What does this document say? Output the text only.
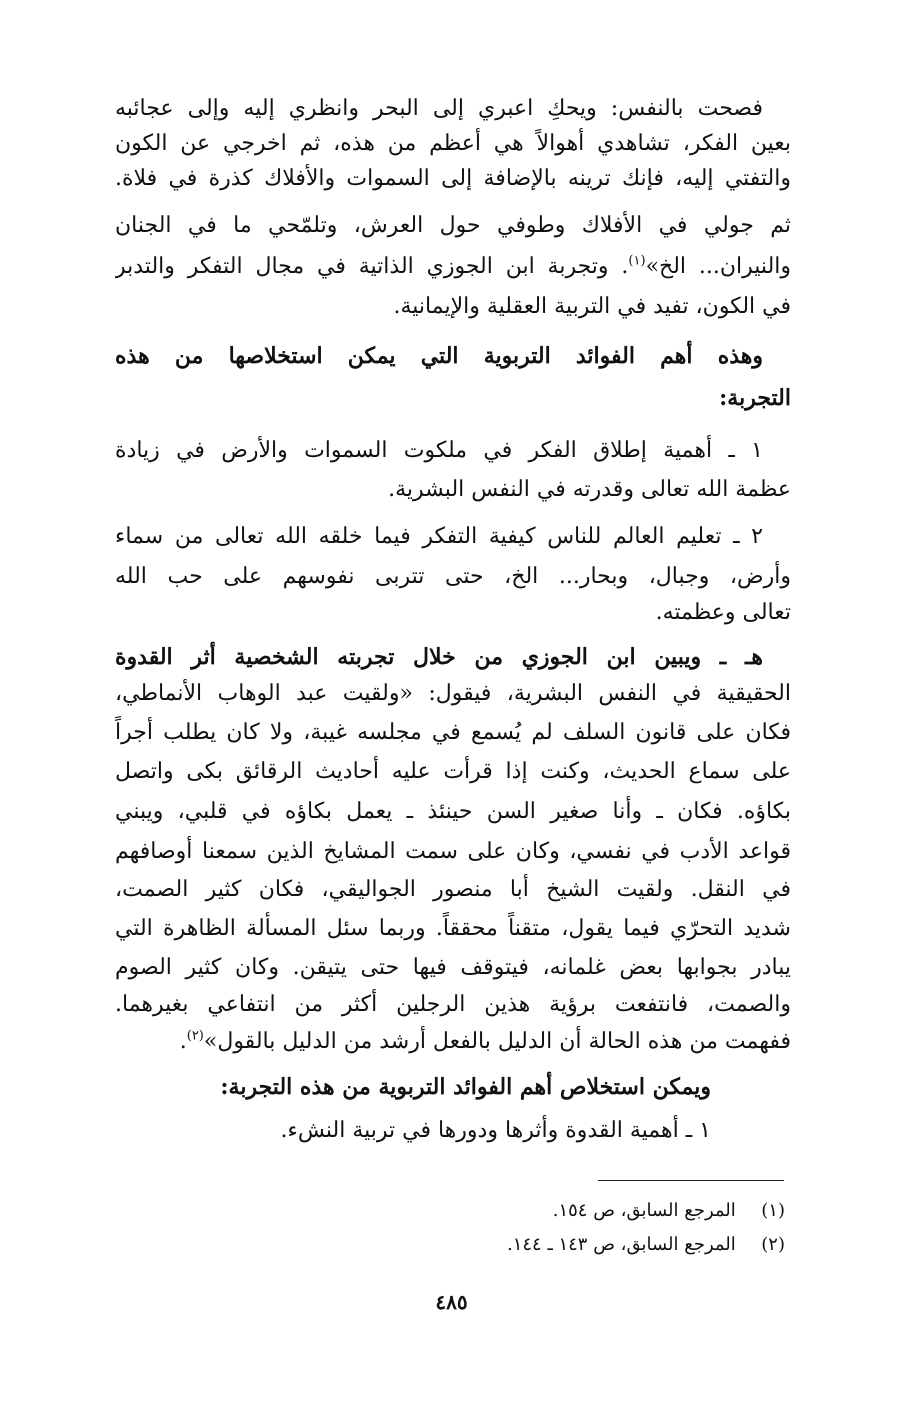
فصحت بالنفس: ويحكِ اعبري إلى البحر وانظري إليه وإلى عجائبه
بعين الفكر، تشاهدي أهوالاً هي أعظم من هذه، ثم اخرجي عن الكون
والتفتي إليه، فإنك ترينه بالإضافة إلى السموات والأفلاك كذرة في فلاة.
ثم جولي في الأفلاك وطوفي حول العرش، وتلمّحي ما في الجنان
والنيران... الخ»$^{(١)}$. وتجربة ابن الجوزي الذاتية في مجال التفكر والتدبر
في الكون، تفيد في التربية العقلية والإيمانية.
وهذه أهم الفوائد التربوية التي يمكن استخلاصها من هذه
التجربة:
١ ـ أهمية إطلاق الفكر في ملكوت السموات والأرض في زيادة
عظمة الله تعالى وقدرته في النفس البشرية.
٢ ـ تعليم العالم للناس كيفية التفكر فيما خلقه الله تعالى من سماء
وأرض، وجبال، وبحار... الخ، حتى تتربى نفوسهم على حب الله
تعالى وعظمته.
هـ ـ ويبين ابن الجوزي من خلال تجربته الشخصية أثر القدوة
الحقيقية في النفس البشرية، فيقول: «ولقيت عبد الوهاب الأنماطي،
فكان على قانون السلف لم يُسمع في مجلسه غيبة، ولا كان يطلب أجراً
على سماع الحديث، وكنت إذا قرأت عليه أحاديث الرقائق بكى واتصل
بكاؤه. فكان ـ وأنا صغير السن حينئذ ـ يعمل بكاؤه في قلبي، ويبني
قواعد الأدب في نفسي، وكان على سمت المشايخ الذين سمعنا أوصافهم
في النقل. ولقيت الشيخ أبا منصور الجواليقي، فكان كثير الصمت،
شديد التحرّي فيما يقول، متقناً محققاً. وربما سئل المسألة الظاهرة التي
يبادر بجوابها بعض غلمانه، فيتوقف فيها حتى يتيقن. وكان كثير الصوم
والصمت، فانتفعت برؤية هذين الرجلين أكثر من انتفاعي بغيرهما.
ففهمت من هذه الحالة أن الدليل بالفعل أرشد من الدليل بالقول»$^{(٢)}$.
ويمكن استخلاص أهم الفوائد التربوية من هذه التجربة:
١ ـ أهمية القدوة وأثرها ودورها في تربية النشء.
(١)  المرجع السابق، ص ١٥٤.
(٢)  المرجع السابق، ص ١٤٣ ـ ١٤٤.
٤٨٥
